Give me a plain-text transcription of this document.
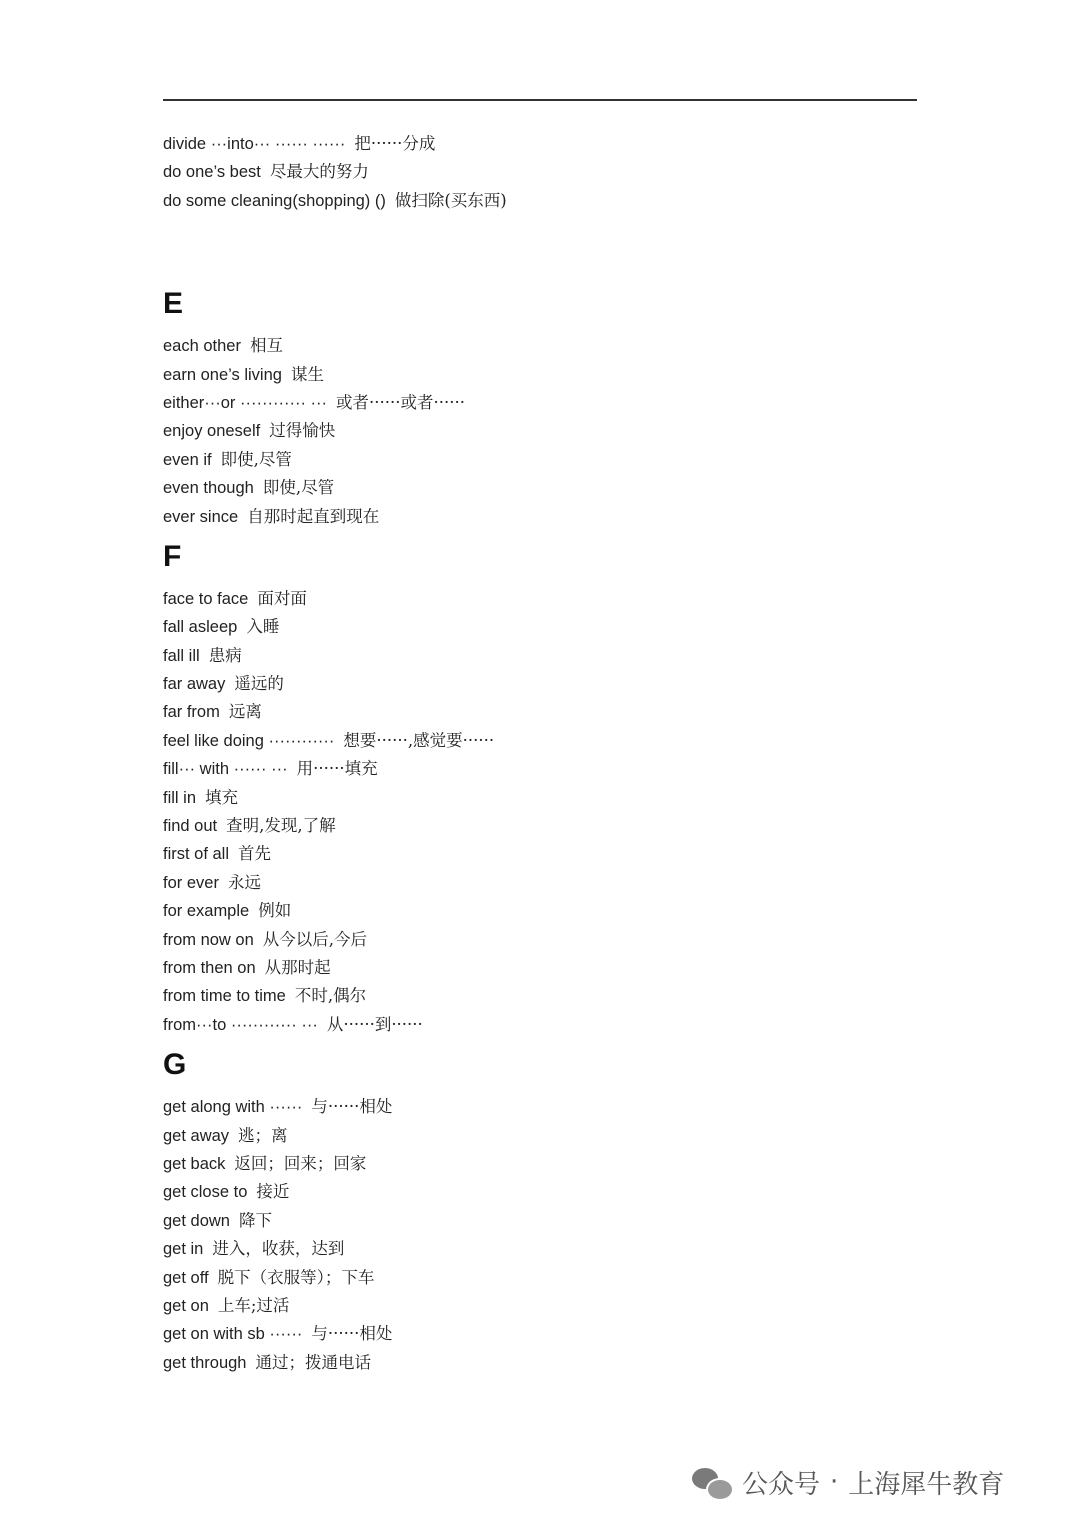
divide ···into··· ······ ······ 把······分成
do one’s best 尽最大的努力
do some cleaning(shopping) () 做扫除(买东西)
E
each other 相互
earn one’s living 谋生
either···or ············ ··· 或者······或者······
enjoy oneself 过得愉快
even if 即使,尽管
even though 即使,尽管
ever since 自那时起直到现在
F
face to face 面对面
fall asleep 入睡
fall ill 患病
far away 遥远的
far from 远离
feel like doing ············ 想要······,感觉要······
fill··· with ······ ··· 用······填充
fill in 填充
find out 查明,发现,了解
first of all 首先
for ever 永远
for example 例如
from now on 从今以后,今后
from then on 从那时起
from time to time 不时,偶尔
from···to ············ ··· 从······到······
G
get along with ······ 与······相处
get away 逃；离
get back 返回；回来；回家
get close to 接近
get down 降下
get in 进入，收获，达到
get off 脱下（衣服等）；下车
get on 上车;过活
get on with sb ······ 与······相处
get through 通过；拨通电话
公众号 · 上海犀牛教育
